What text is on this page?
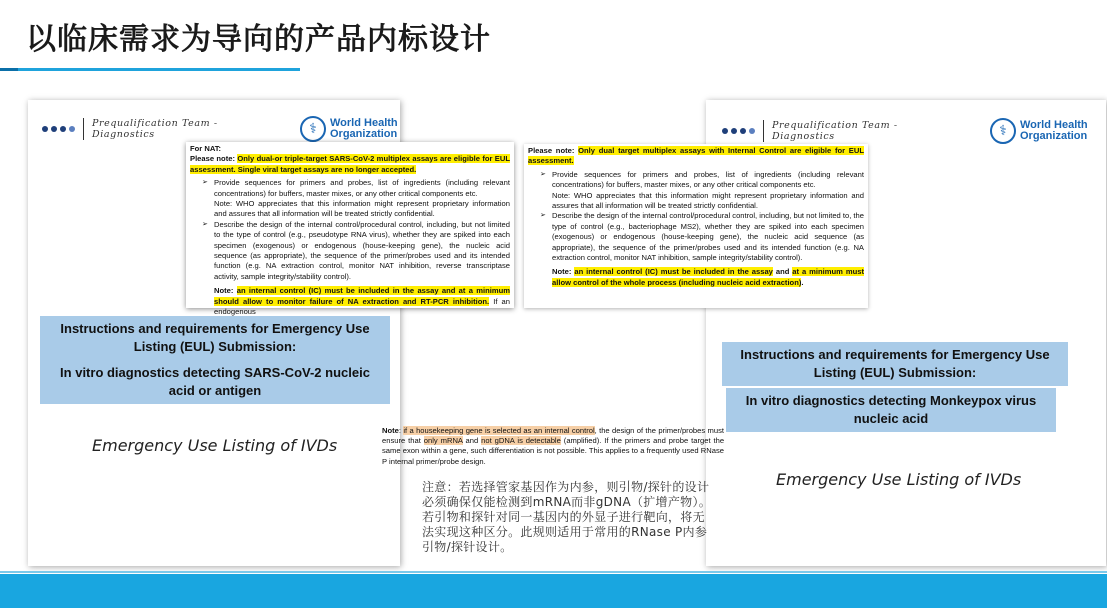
以临床需求为导向的产品内标设计
Prequalification Team -
Diagnostics	⚕	World Health
Organization
Instructions and requirements for Emergency Use Listing (EUL) Submission:
In vitro diagnostics detecting SARS-CoV-2 nucleic acid or antigen
Emergency Use Listing of IVDs
Prequalification Team -
Diagnostics	⚕	World Health
Organization
Instructions and requirements for Emergency Use Listing (EUL) Submission:
In vitro diagnostics detecting Monkeypox virus nucleic acid
Emergency Use Listing of IVDs
For NAT:
Please note: Only dual-or triple-target SARS-CoV-2 multiplex assays are eligible for EUL assessment. Single viral target assays are no longer accepted.
➢ Provide sequences for primers and probes, list of ingredients (including relevant concentrations) for buffers, master mixes, or any other critical components etc.
Note: WHO appreciates that this information might represent proprietary information and assures that all information will be treated strictly confidential.
➢ Describe the design of the internal control/procedural control, including, but not limited to the type of control (e.g., pseudotype RNA virus), whether they are spiked into each specimen (exogenous) or endogenous (house-keeping gene), the nucleic acid sequence (as appropriate), the sequence of the primer/probes used and its intended function (e.g. NA extraction control, monitor NAT inhibition, reverse transcriptase activity, sample integrity/stability control).
Note: an internal control (IC) must be included in the assay and at a minimum should allow to monitor failure of NA extraction and RT-PCR inhibition. If an endogenous
Please note: Only dual target multiplex assays with Internal Control are eligible for EUL assessment.
➢ Provide sequences for primers and probes, list of ingredients (including relevant concentrations) for buffers, master mixes, or any other critical components etc.
Note: WHO appreciates that this information might represent proprietary information and assures that all information will be treated strictly confidential.
➢ Describe the design of the internal control/procedural control, including, but not limited to, the type of control (e.g., bacteriophage MS2), whether they are spiked into each specimen (exogenous) or endogenous (house-keeping gene), the nucleic acid sequence (as appropriate), the sequence of the primer/probes used and its intended function (e.g. NA extraction control, monitor NAT inhibition, sample integrity/stability control).
Note: an internal control (IC) must be included in the assay and at a minimum must allow control of the whole process (including nucleic acid extraction).
Note: if a housekeeping gene is selected as an internal control, the design of the primer/probes must ensure that only mRNA and not gDNA is detectable (amplified). If the primers and probe target the same exon within a gene, such differentiation is not possible. This applies to a frequently used RNase P internal primer/probe design.
注意：若选择管家基因作为内参，则引物/探针的设计必须确保仅能检测到mRNA而非gDNA（扩增产物）。若引物和探针对同一基因内的外显子进行靶向，将无法实现这种区分。此规则适用于常用的RNase P内参引物/探针设计。
